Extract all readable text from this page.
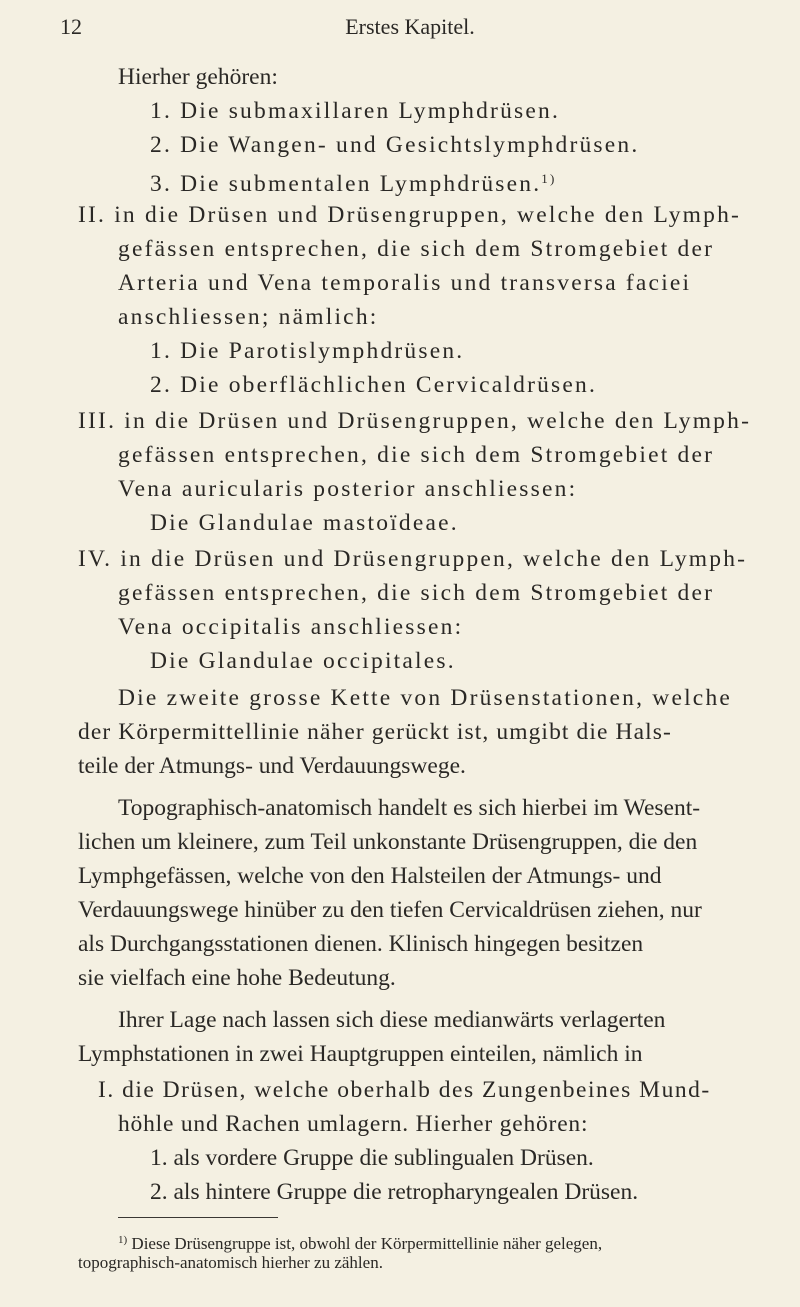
12	Erstes Kapitel.
Hierher gehören:
1. Die submaxillaren Lymphdrüsen.
2. Die Wangen- und Gesichtslymphdrüsen.
3. Die submentalen Lymphdrüsen.$^{1)}$
II. in die Drüsen und Drüsengruppen, welche den Lymph-
gefässen entsprechen, die sich dem Stromgebiet der
Arteria und Vena temporalis und transversa faciei
anschliessen; nämlich:
1. Die Parotislymphdrüsen.
2. Die oberflächlichen Cervicaldrüsen.
III. in die Drüsen und Drüsengruppen, welche den Lymph-
gefässen entsprechen, die sich dem Stromgebiet der
Vena auricularis posterior anschliessen:
Die Glandulae mastoïdeae.
IV. in die Drüsen und Drüsengruppen, welche den Lymph-
gefässen entsprechen, die sich dem Stromgebiet der
Vena occipitalis anschliessen:
Die Glandulae occipitales.
Die zweite grosse Kette von Drüsenstationen, welche
der Körpermittellinie näher gerückt ist, umgibt die Hals-
teile der Atmungs- und Verdauungswege.
Topographisch-anatomisch handelt es sich hierbei im Wesent-
lichen um kleinere, zum Teil unkonstante Drüsengruppen, die den
Lymphgefässen, welche von den Halsteilen der Atmungs- und
Verdauungswege hinüber zu den tiefen Cervicaldrüsen ziehen, nur
als Durchgangsstationen dienen. Klinisch hingegen besitzen
sie vielfach eine hohe Bedeutung.
Ihrer Lage nach lassen sich diese medianwärts verlagerten
Lymphstationen in zwei Hauptgruppen einteilen, nämlich in
I. die Drüsen, welche oberhalb des Zungenbeines Mund-
höhle und Rachen umlagern. Hierher gehören:
1. als vordere Gruppe die sublingualen Drüsen.
2. als hintere Gruppe die retropharyngealen Drüsen.
$^{1)}$ Diese Drüsengruppe ist, obwohl der Körpermittellinie näher gelegen,
topographisch-anatomisch hierher zu zählen.
